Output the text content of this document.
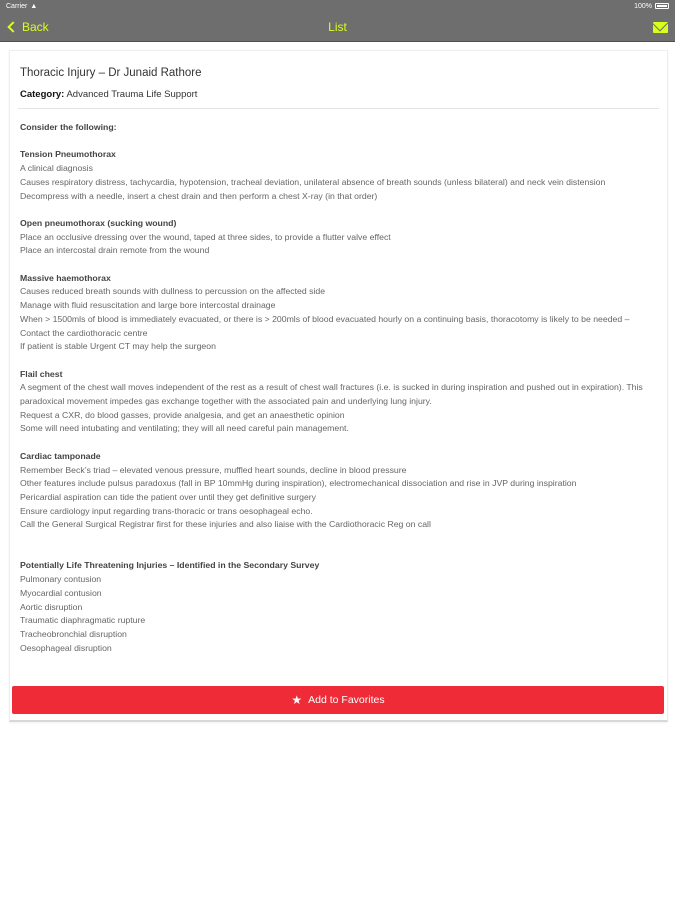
Carrier ▲	100%
Back	List
Thoracic Injury – Dr Junaid Rathore
Category: Advanced Trauma Life Support
Consider the following:
Tension Pneumothorax

A clinical diagnosis

Causes respiratory distress, tachycardia, hypotension, tracheal deviation, unilateral absence of breath sounds (unless bilateral) and neck vein distension

Decompress with a needle, insert a chest drain and then perform a chest X-ray (in that order)

Open pneumothorax (sucking wound)

Place an occlusive dressing over the wound, taped at three sides, to provide a flutter valve effect

Place an intercostal drain remote from the wound

Massive haemothorax

Causes reduced breath sounds with dullness to percussion on the affected side

Manage with fluid resuscitation and large bore intercostal drainage

When > 1500mls of blood is immediately evacuated, or there is > 200mls of blood evacuated hourly on a continuing basis, thoracotomy is likely to be needed – Contact the cardiothoracic centre

If patient is stable Urgent CT may help the surgeon

Flail chest

A segment of the chest wall moves independent of the rest as a result of chest wall fractures (i.e. is sucked in during inspiration and pushed out in expiration). This paradoxical movement impedes gas exchange together with the associated pain and underlying lung injury.

Request a CXR, do blood gasses, provide analgesia, and get an anaesthetic opinion

Some will need intubating and ventilating; they will all need careful pain management.

Cardiac tamponade

Remember Beck’s triad – elevated venous pressure, muffled heart sounds, decline in blood pressure

Other features include pulsus paradoxus (fall in BP 10mmHg during inspiration), electromechanical dissociation and rise in JVP during inspiration

Pericardial aspiration can tide the patient over until they get definitive surgery

Ensure cardiology input regarding trans-thoracic or trans oesophageal echo.

Call the General Surgical Registrar first for these injuries and also liaise with the Cardiothoracic Reg on call

Potentially Life Threatening Injuries – Identified in the Secondary Survey

Pulmonary contusion

Myocardial contusion

Aortic disruption

Traumatic diaphragmatic rupture

Tracheobronchial disruption

Oesophageal disruption

★ Add to Favorites
